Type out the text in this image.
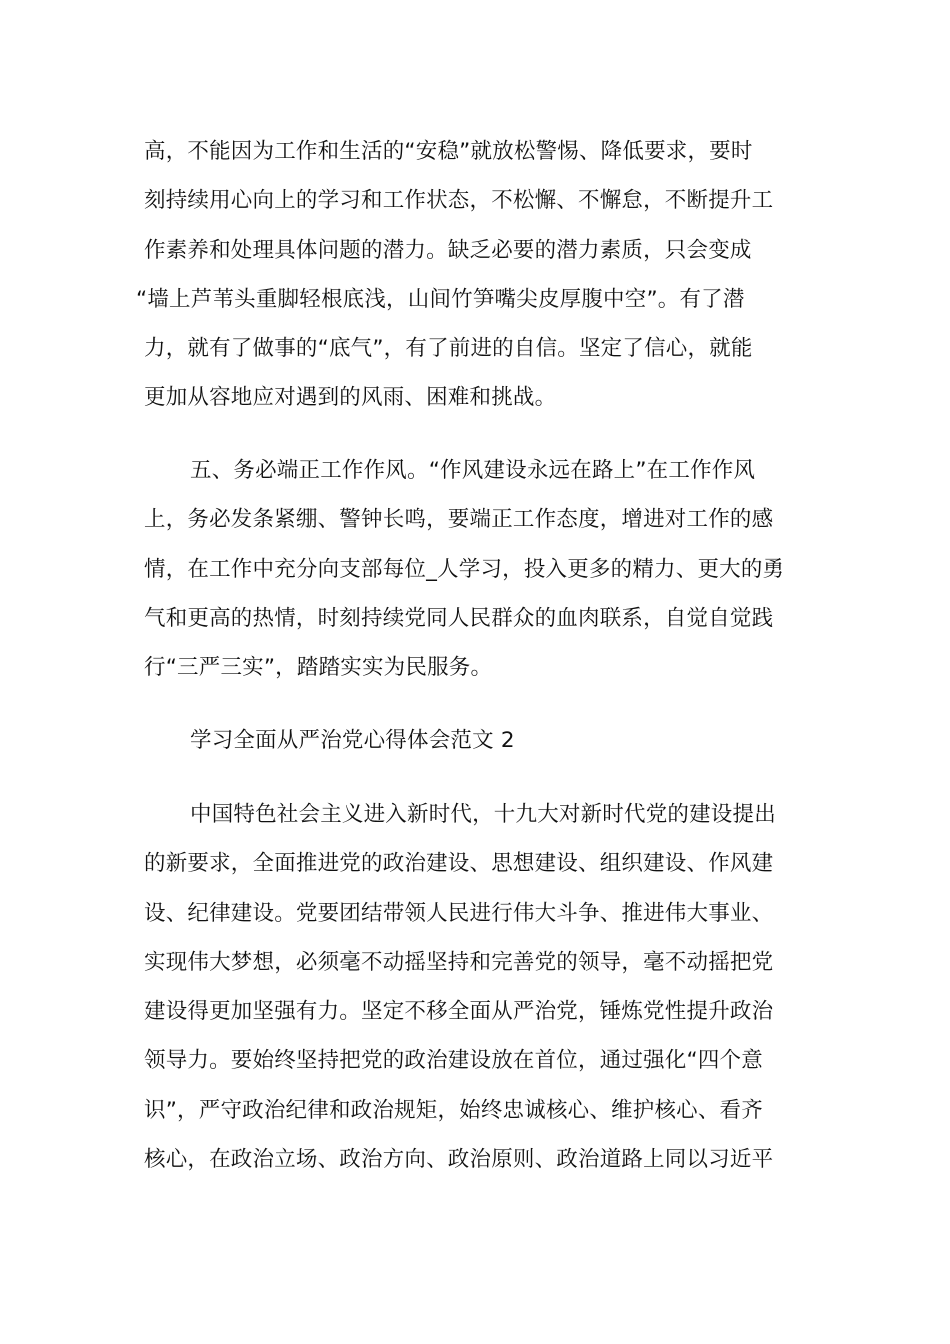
高，不能因为工作和生活的“安稳”就放松警惕、降低要求，要时
刻持续用心向上的学习和工作状态，不松懈、不懈怠，不断提升工
作素养和处理具体问题的潜力。缺乏必要的潜力素质，只会变成
“墙上芦苇头重脚轻根底浅，山间竹笋嘴尖皮厚腹中空”。有了潜
力，就有了做事的“底气”，有了前进的自信。坚定了信心，就能
更加从容地应对遇到的风雨、困难和挑战。
五、务必端正工作作风。“作风建设永远在路上”在工作作风
上，务必发条紧绷、警钟长鸣，要端正工作态度，增进对工作的感
情，在工作中充分向支部每位_人学习，投入更多的精力、更大的勇
气和更高的热情，时刻持续党同人民群众的血肉联系，自觉自觉践
行“三严三实”，踏踏实实为民服务。
学习全面从严治党心得体会范文 2
中国特色社会主义进入新时代，十九大对新时代党的建设提出
的新要求，全面推进党的政治建设、思想建设、组织建设、作风建
设、纪律建设。党要团结带领人民进行伟大斗争、推进伟大事业、
实现伟大梦想，必须毫不动摇坚持和完善党的领导，毫不动摇把党
建设得更加坚强有力。坚定不移全面从严治党，锤炼党性提升政治
领导力。要始终坚持把党的政治建设放在首位，通过强化“四个意
识”，严守政治纪律和政治规矩，始终忠诚核心、维护核心、看齐
核心，在政治立场、政治方向、政治原则、政治道路上同以习近平
